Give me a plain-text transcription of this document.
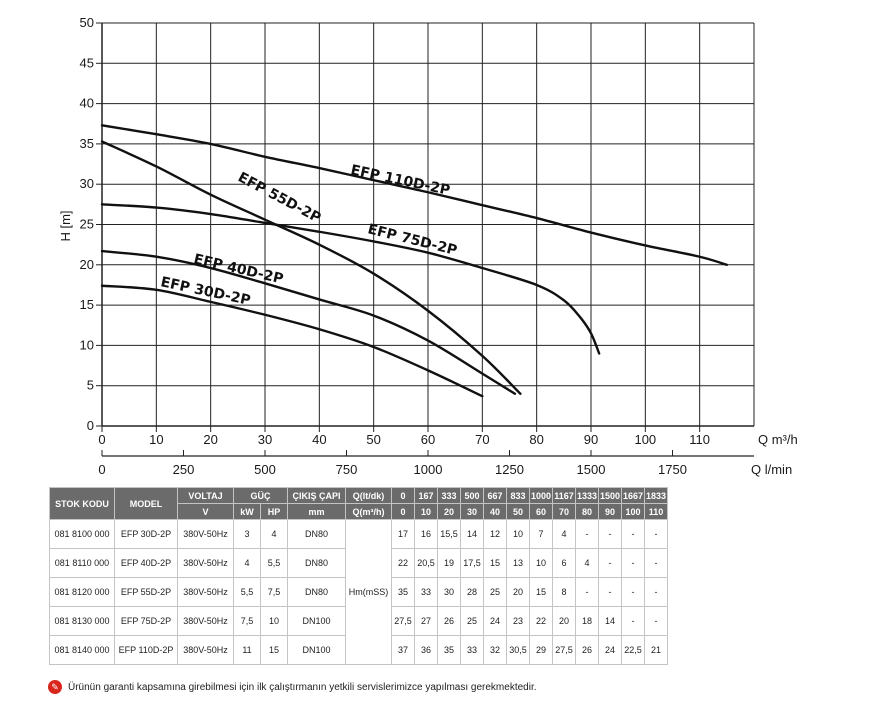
0
5
10
15
20
25
30
35
40
45
50
0	10	20	30	40	50	60	70	80	90	100	110
H [m]
Q m³/h
0	250	500	750	1000	1250	1500	1750	Q l/min
EFP 110D-2P
EFP 75D-2P
EFP 55D-2P
EFP 40D-2P
EFP 30D-2P
STOK KODU	MODEL	VOLTAJ	GÜÇ		ÇIKIŞ ÇAPI	Q(lt/dk)	0	167	333	500	667	833	1000	1167	1333	1500	1667	1833
		V	kW	HP	mm	Q(m³/h)	0	10	20	30	40	50	60	70	80	90	100	110
081 8100 000	EFP 30D-2P	380V-50Hz	3	4	DN80	Hm(mSS)	17	16	15,5	14	12	10	7	4	-	-	-	-
081 8110 000	EFP 40D-2P	380V-50Hz	4	5,5	DN80		22	20,5	19	17,5	15	13	10	6	4	-	-	-
081 8120 000	EFP 55D-2P	380V-50Hz	5,5	7,5	DN80		35	33	30	28	25	20	15	8	-	-	-	-
081 8130 000	EFP 75D-2P	380V-50Hz	7,5	10	DN100		27,5	27	26	25	24	23	22	20	18	14	-	-
081 8140 000	EFP 110D-2P	380V-50Hz	11	15	DN100		37	36	35	33	32	30,5	29	27,5	26	24	22,5	21
✎ Ürünün garanti kapsamına girebilmesi için ilk çalıştırmanın yetkili servislerimizce yapılması gerekmektedir.
